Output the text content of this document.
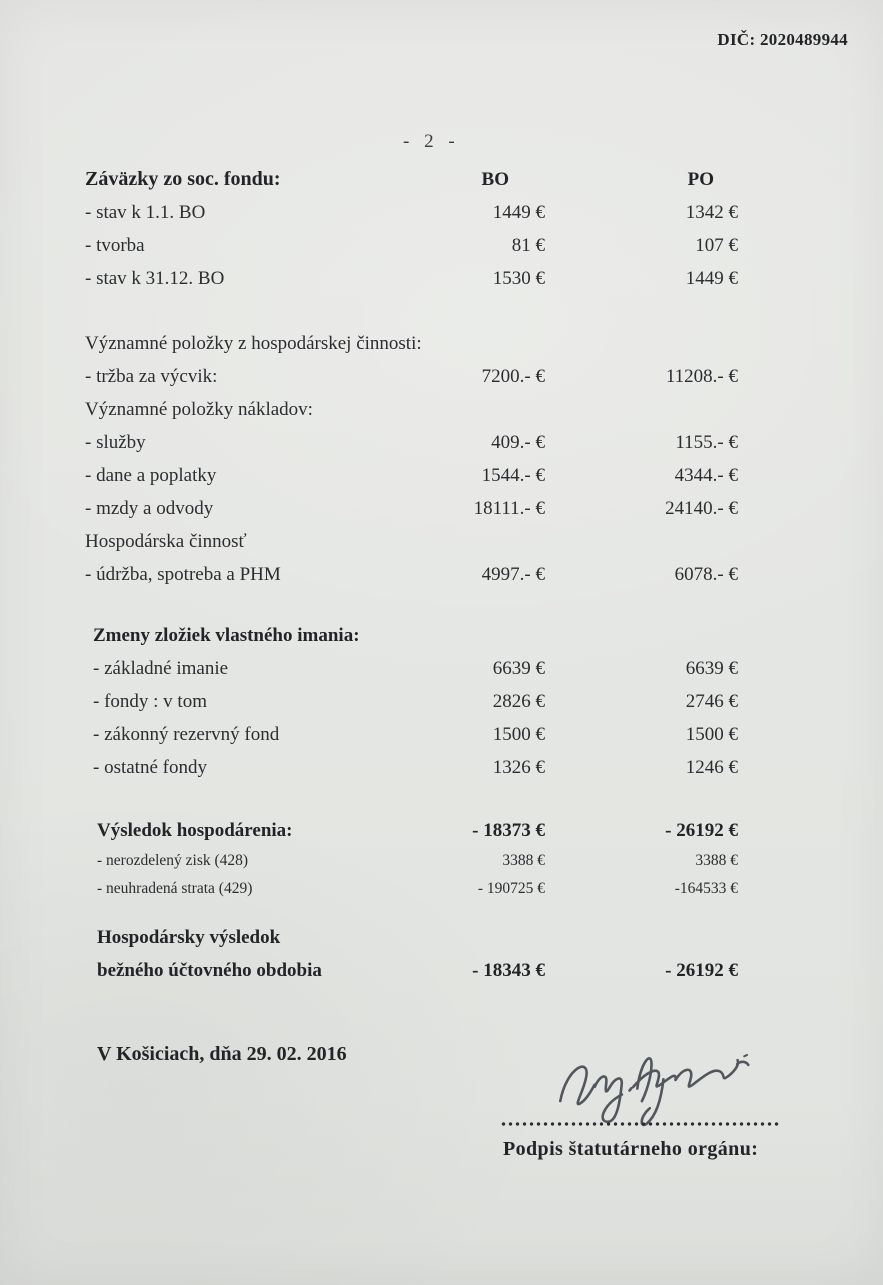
DIČ: 2020489944
- 2 -
Záväzky zo soc. fondu:	BO	PO
- stav k 1.1. BO	1449 €	1342 €
- tvorba	81 €	107 €
- stav k 31.12. BO	1530 €	1449 €
Významné položky z hospodárskej činnosti:
- tržba za výcvik:	7200.- €	11208.- €
Významné položky nákladov:
- služby	409.- €	1155.- €
- dane a poplatky	1544.- €	4344.- €
- mzdy a odvody	18111.- €	24140.- €
Hospodárska činnosť
- údržba, spotreba a PHM	4997.- €	6078.- €
Zmeny zložiek vlastného imania:
- základné imanie	6639 €	6639 €
- fondy : v tom	2826 €	2746 €
- zákonný rezervný fond	1500 €	1500 €
- ostatné fondy	1326 €	1246 €
Výsledok hospodárenia:	- 18373 €	- 26192 €
- nerozdelený zisk (428)	3388 €	3388 €
- neuhradená strata (429)	- 190725 €	-164533 €
Hospodársky výsledok
bežného účtovného obdobia	- 18343 €	- 26192 €
V Košiciach, dňa 29. 02. 2016
Podpis štatutárneho orgánu:
